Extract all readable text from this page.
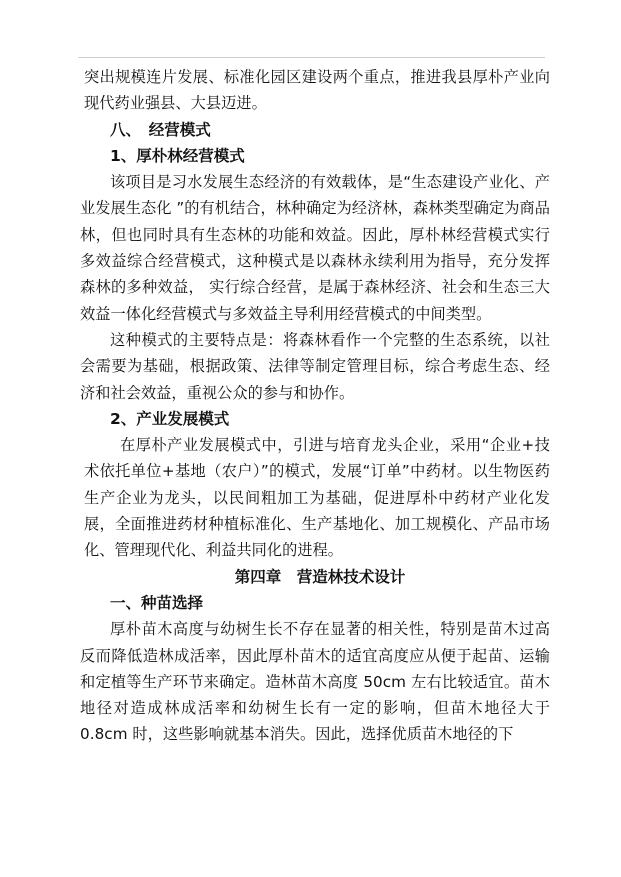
突出规模连片发展、标准化园区建设两个重点，推进我县厚朴产业向现代药业强县、大县迈进。

八、　经营模式
1、厚朴林经营模式

该项目是习水发展生态经济的有效载体，是“生态建设产业化、产业发展生态化 ”的有机结合，林种确定为经济林，森林类型确定为商品林，但也同时具有生态林的功能和效益。因此，厚朴林经营模式实行多效益综合经营模式，这种模式是以森林永续利用为指导，充分发挥森林的多种效益， 实行综合经营，是属于森林经济、社会和生态三大效益一体化经营模式与多效益主导利用经营模式的中间类型。

这种模式的主要特点是：将森林看作一个完整的生态系统，以社会需要为基础，根据政策、法律等制定管理目标，综合考虑生态、经济和社会效益，重视公众的参与和协作。

2、产业发展模式

在厚朴产业发展模式中，引进与培育龙头企业，采用“企业+技术依托单位+基地（农户）”的模式，发展“订单”中药材。以生物医药生产企业为龙头，以民间粗加工为基础，促进厚朴中药材产业化发展，全面推进药材种植标准化、生产基地化、加工规模化、产品市场化、管理现代化、利益共同化的进程。

第四章　营造林技术设计
一、种苗选择

厚朴苗木高度与幼树生长不存在显著的相关性，特别是苗木过高反而降低造林成活率，因此厚朴苗木的适宜高度应从便于起苗、运输和定植等生产环节来确定。造林苗木高度 50cm 左右比较适宜。苗木地径对造成林成活率和幼树生长有一定的影响，但苗木地径大于 0.8cm 时，这些影响就基本消失。因此，选择优质苗木地径的下
